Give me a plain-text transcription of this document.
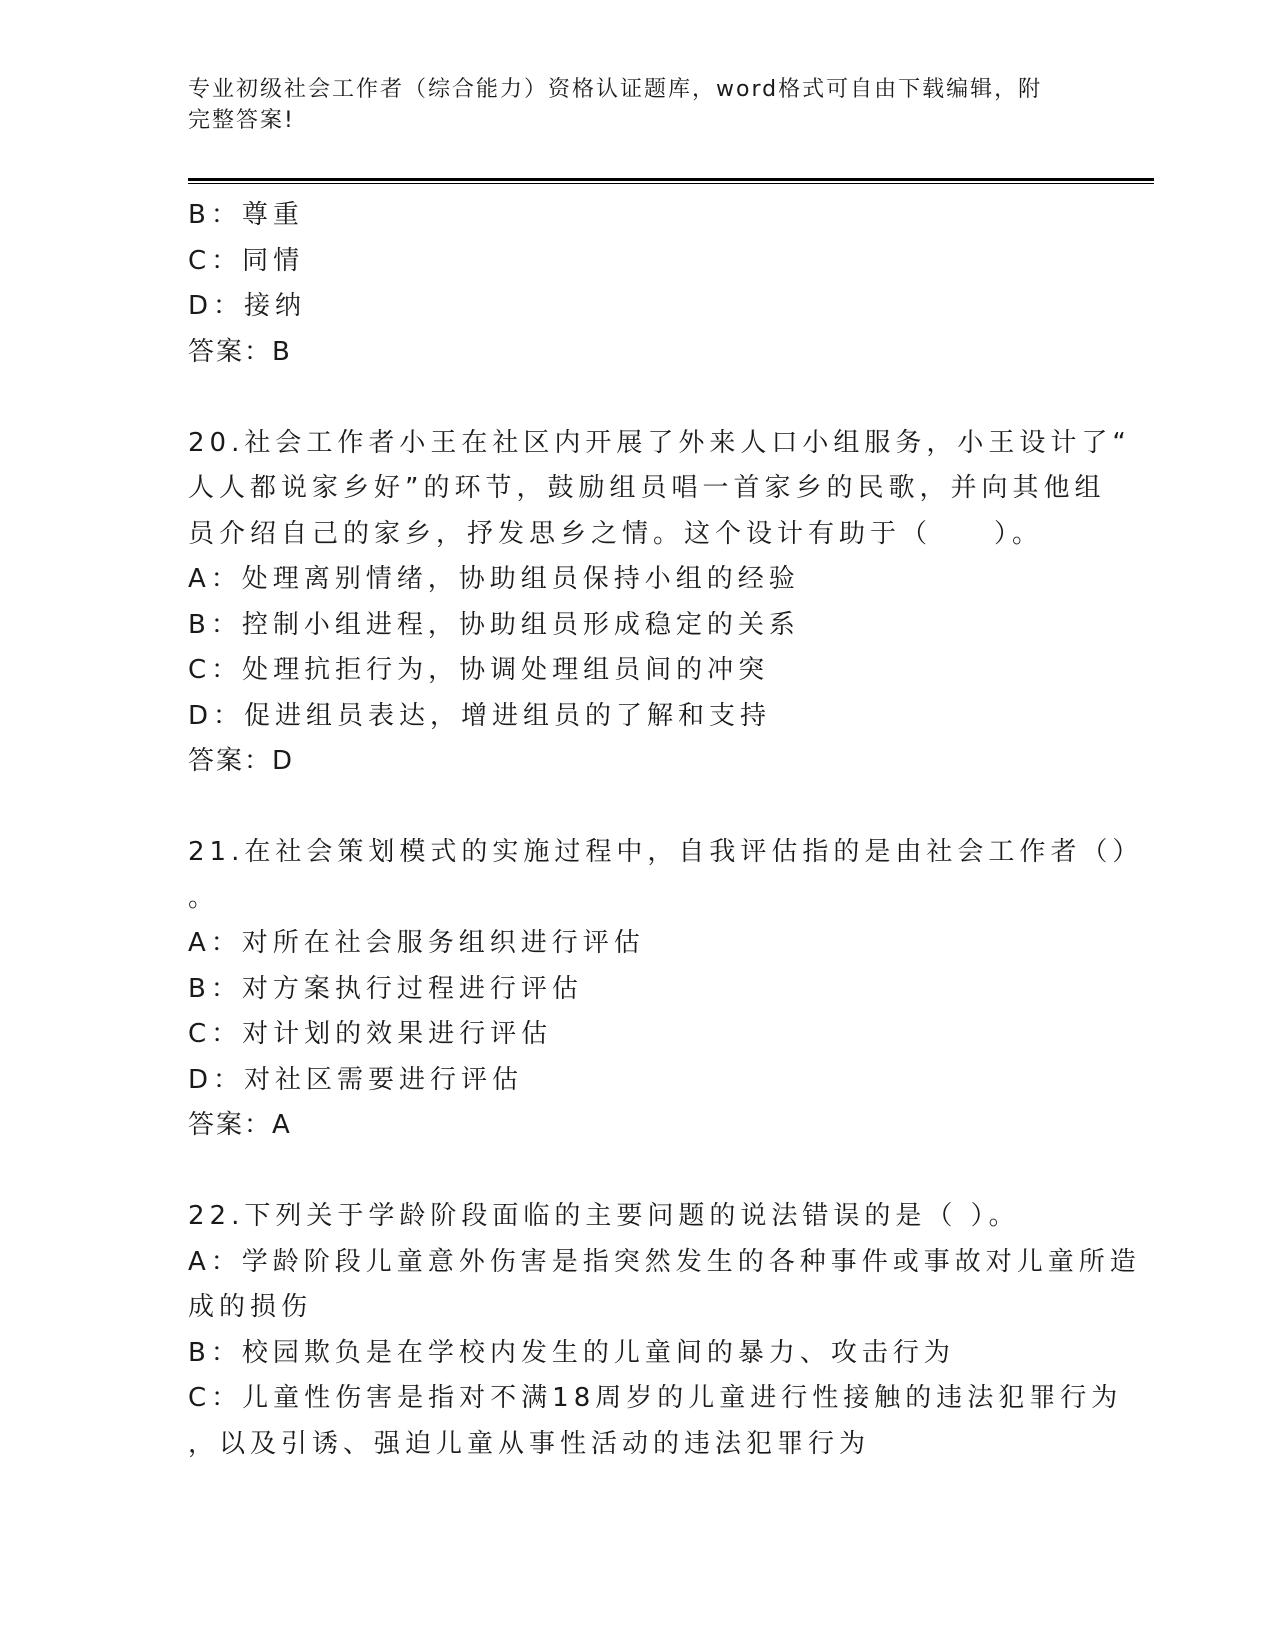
专业初级社会工作者（综合能力）资格认证题库，word格式可自由下载编辑，附
完整答案!
B：尊重
C：同情
D：接纳
答案：B
20.社会工作者小王在社区内开展了外来人口小组服务，小王设计了“
人人都说家乡好”的环节，鼓励组员唱一首家乡的民歌，并向其他组
员介绍自己的家乡，抒发思乡之情。这个设计有助于（　　）。
A：处理离别情绪，协助组员保持小组的经验
B：控制小组进程，协助组员形成稳定的关系
C：处理抗拒行为，协调处理组员间的冲突
D：促进组员表达，增进组员的了解和支持
答案：D
21.在社会策划模式的实施过程中，自我评估指的是由社会工作者（）
。
A：对所在社会服务组织进行评估
B：对方案执行过程进行评估
C：对计划的效果进行评估
D：对社区需要进行评估
答案：A
22.下列关于学龄阶段面临的主要问题的说法错误的是（ ）。
A：学龄阶段儿童意外伤害是指突然发生的各种事件或事故对儿童所造
成的损伤
B：校园欺负是在学校内发生的儿童间的暴力、攻击行为
C：儿童性伤害是指对不满18周岁的儿童进行性接触的违法犯罪行为
，以及引诱、强迫儿童从事性活动的违法犯罪行为
